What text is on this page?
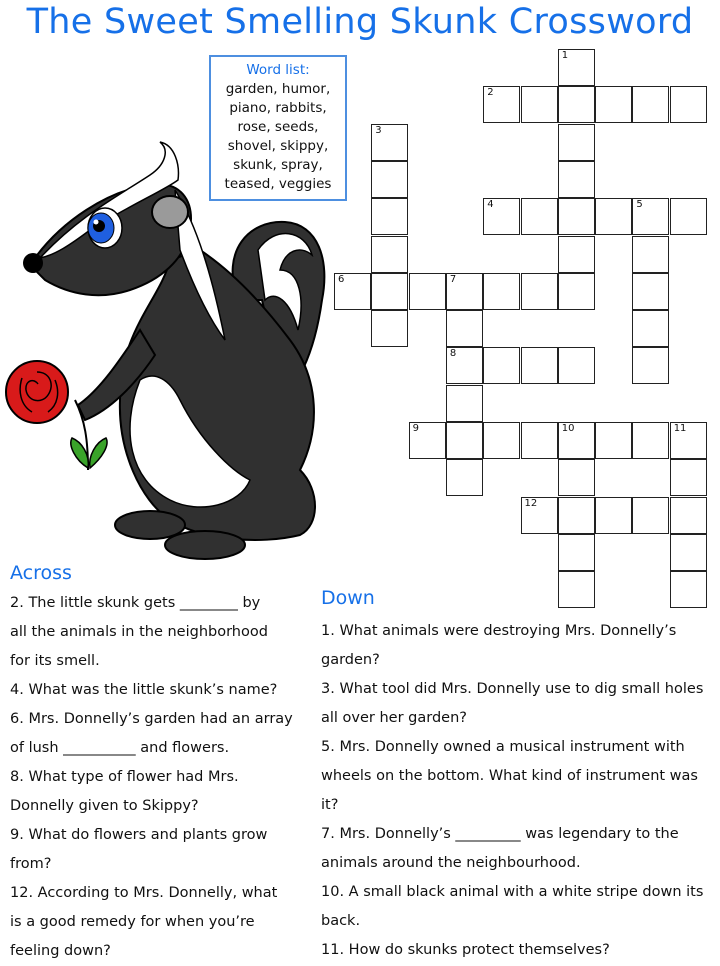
The Sweet Smelling Skunk Crossword
Word list:
garden, humor,
piano, rabbits,
rose, seeds,
shovel, skippy,
skunk, spray,
teased, veggies
1
2
3
4	5
6	7
8
9	10	11
12
Across

2. The little skunk gets ________ by

all the animals in the neighborhood

for its smell.

4. What was the little skunk’s name?

6. Mrs. Donnelly’s garden had an array

of lush __________ and flowers.

8. What type of flower had Mrs.

Donnelly given to Skippy?

9. What do flowers and plants grow

from?

12. According to Mrs. Donnelly, what

is a good remedy for when you’re

feeling down?

Down

1. What animals were destroying Mrs. Donnelly’s

garden?

3. What tool did Mrs. Donnelly use to dig small holes

all over her garden?

5. Mrs. Donnelly owned a musical instrument with

wheels on the bottom. What kind of instrument was

it?

7. Mrs. Donnelly’s _________ was legendary to the

animals around the neighbourhood.

10. A small black animal with a white stripe down its

back.

11. How do skunks protect themselves?
